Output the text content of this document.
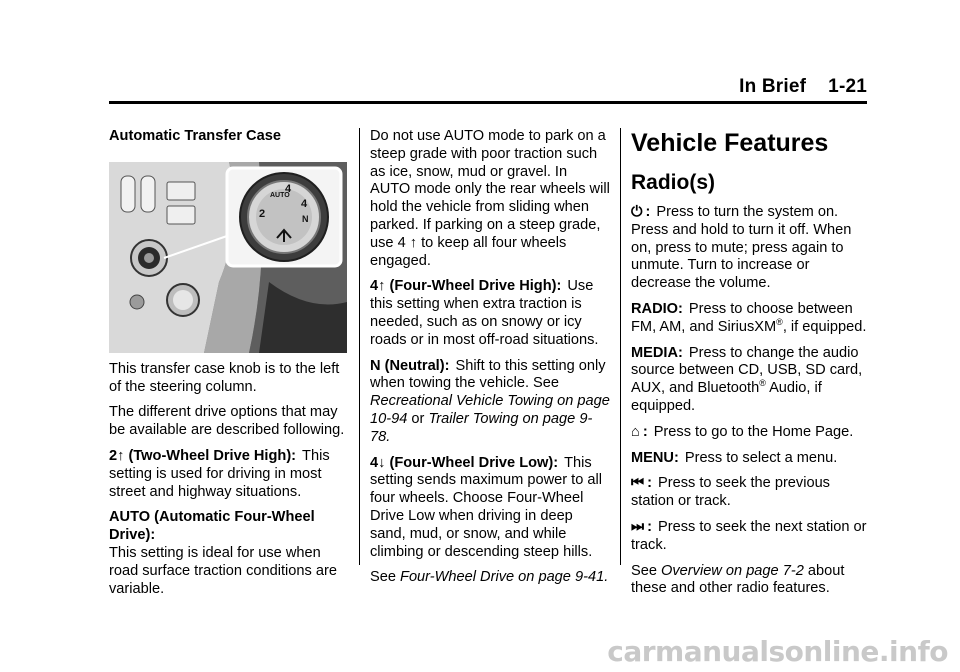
In Brief 1-21

Automatic Transfer Case

AUTO
4
2
4
N

This transfer case knob is to the left of the steering column.

The different drive options that may be available are described following.

2↑ (Two-Wheel Drive High): This setting is used for driving in most street and highway situations.

AUTO (Automatic Four-Wheel Drive):This setting is ideal for use when road surface traction conditions are variable.

Do not use AUTO mode to park on a steep grade with poor traction such as ice, snow, mud or gravel. In AUTO mode only the rear wheels will hold the vehicle from sliding when parked. If parking on a steep grade, use 4 ↑ to keep all four wheels engaged.

4↑ (Four-Wheel Drive High): Use this setting when extra traction is needed, such as on snowy or icy roads or in most off-road situations.

N (Neutral): Shift to this setting only when towing the vehicle. See Recreational Vehicle Towing on page 10-94 or Trailer Towing on page 9-78.

4↓ (Four-Wheel Drive Low): This setting sends maximum power to all four wheels. Choose Four-Wheel Drive Low when driving in deep sand, mud, or snow, and while climbing or descending steep hills.

See Four-Wheel Drive on page 9-41.

Vehicle Features
Radio(s)

⏻ : Press to turn the system on. Press and hold to turn it off. When on, press to mute; press again to unmute. Turn to increase or decrease the volume.

RADIO: Press to choose between FM, AM, and SiriusXM®, if equipped.

MEDIA: Press to change the audio source between CD, USB, SD card, AUX, and Bluetooth® Audio, if equipped.

⌂ : Press to go to the Home Page.

MENU: Press to select a menu.

⏮ : Press to seek the previous station or track.

⏭ : Press to seek the next station or track.

See Overview on page 7-2 about these and other radio features.

carmanualsonline.info
